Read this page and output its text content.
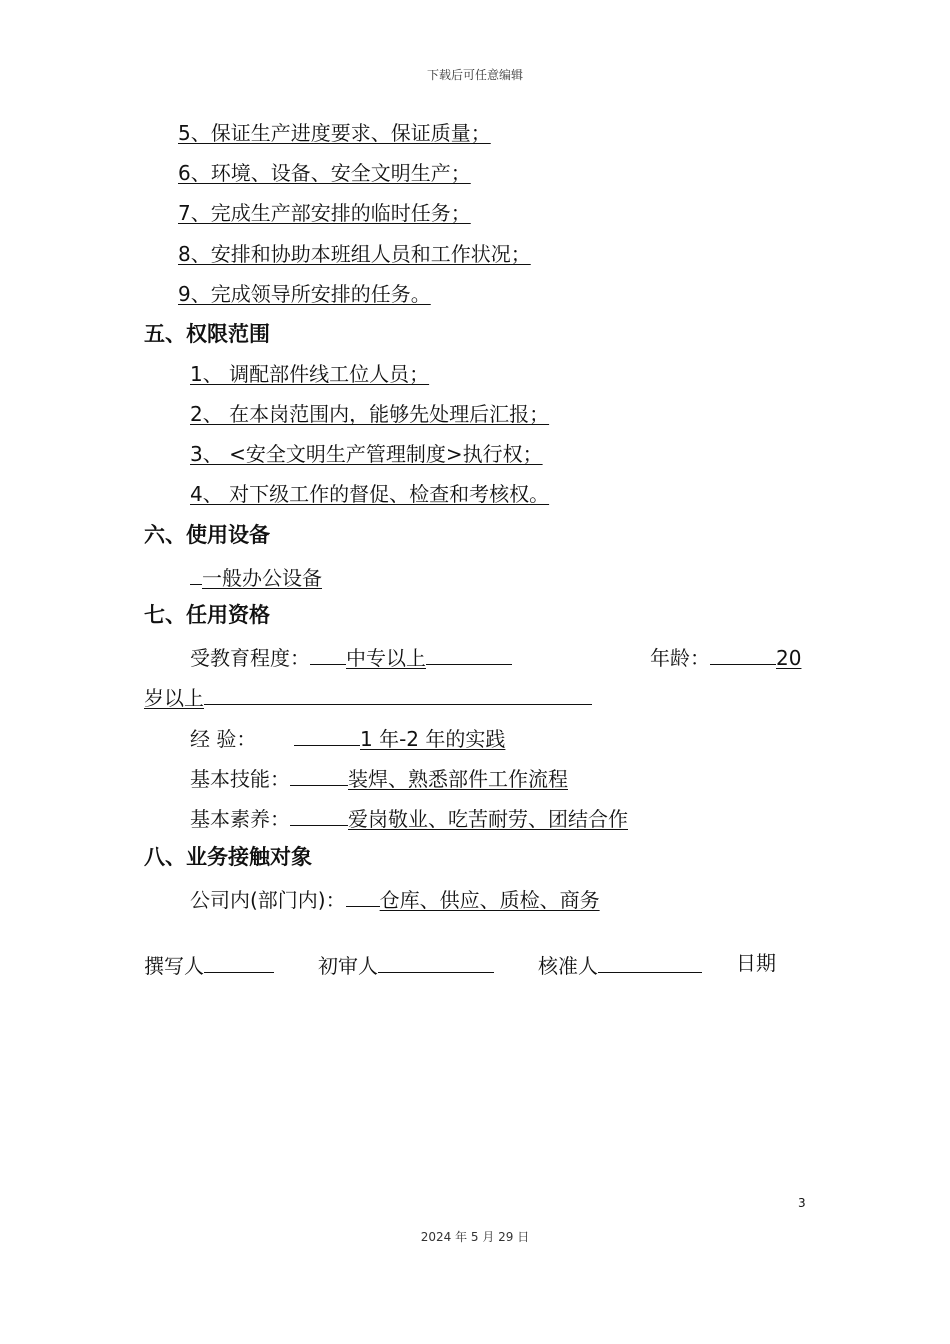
下载后可任意编辑
5、保证生产进度要求、保证质量；
6、环境、设备、安全文明生产；
7、完成生产部安排的临时任务；
8、安排和协助本班组人员和工作状况；
9、完成领导所安排的任务。
五、权限范围
1、 调配部件线工位人员；
2、 在本岗范围内，能够先处理后汇报；
3、 <安全文明生产管理制度>执行权；
4、 对下级工作的督促、检查和考核权。
六、使用设备
一般办公设备
七、任用资格
受教育程度： 中专以上	年龄：	20
岁以上
经 验：	1 年-2 年的实践
基本技能：	装焊、熟悉部件工作流程
基本素养：	爱岗敬业、吃苦耐劳、团结合作
八、业务接触对象
公司内(部门内)： 仓库、供应、质检、商务
撰写人	初审人	核准人	日期
3
2024 年 5 月 29 日
